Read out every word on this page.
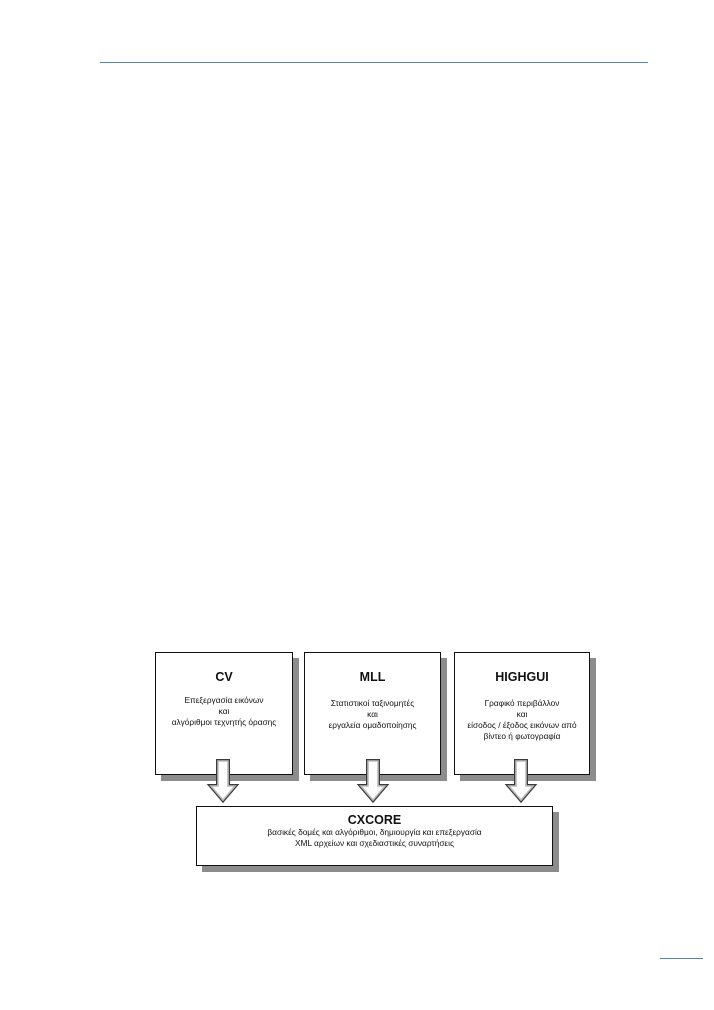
CV
Επεξεργασία εικόνων
και
αλγόριθμοι τεχνητής όρασης
MLL
Στατιστικοί ταξινομητές
και
εργαλεία ομαδοποίησης
HIGHGUI
Γραφικό περιβάλλον
και
είσοδος / έξοδος εικόνων από
βίντεο ή φωτογραφία
CXCORE
βασικές δομές και αλγόριθμοι, δημιουργία και επεξεργασία
XML αρχείων και σχεδιαστικές συναρτήσεις
